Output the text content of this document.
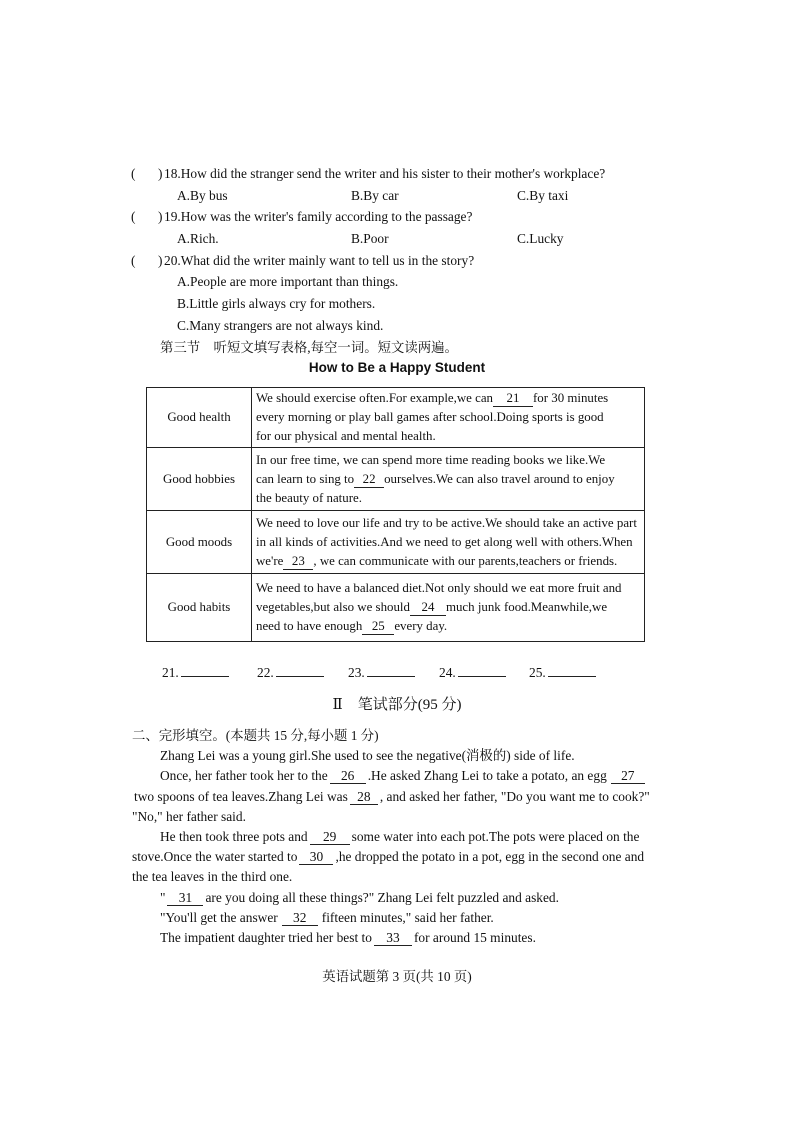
( ) 18.How did the stranger send the writer and his sister to their mother's workplace?
A.By bus	B.By car	C.By taxi
( ) 19.How was the writer's family according to the passage?
A.Rich.	B.Poor	C.Lucky
( ) 20.What did the writer mainly want to tell us in the story?
A.People are more important than things.
B.Little girls always cry for mothers.
C.Many strangers are not always kind.
第三节　听短文填写表格,每空一词。短文读两遍。
How to Be a Happy Student
Good health	We should exercise often.For example,we can 21 for 30 minutes
every morning or play ball games after school.Doing sports is good
for our physical and mental health.

Good hobbies	In our free time, we can spend more time reading books we like.We
can learn to sing to 22 ourselves.We can also travel around to enjoy
the beauty of nature.

Good moods	We need to love our life and try to be active.We should take an active part
in all kinds of activities.And we need to get along well with others.When
we're 23 , we can communicate with our parents,teachers or friends.

Good habits	We need to have a balanced diet.Not only should we eat more fruit and
vegetables,but also we should 24 much junk food.Meanwhile,we
need to have enough 25 every day.
21.	22.	23.	24.	25.
Ⅱ　笔试部分(95 分)
二、完形填空。(本题共 15 分,每小题 1 分)
Zhang Lei was a young girl.She used to see the negative(消极的) side of life.
Once, her father took her to the 26 .He asked Zhang Lei to take a potato, an egg 27
two spoons of tea leaves.Zhang Lei was 28 , and asked her father, "Do you want me to cook?"
"No," her father said.
He then took three pots and 29 some water into each pot.The pots were placed on the
stove.Once the water started to 30 ,he dropped the potato in a pot, egg in the second one and
the tea leaves in the third one.
" 31 are you doing all these things?" Zhang Lei felt puzzled and asked.
"You'll get the answer 32 fifteen minutes," said her father.
The impatient daughter tried her best to 33 for around 15 minutes.
英语试题第 3 页(共 10 页)
